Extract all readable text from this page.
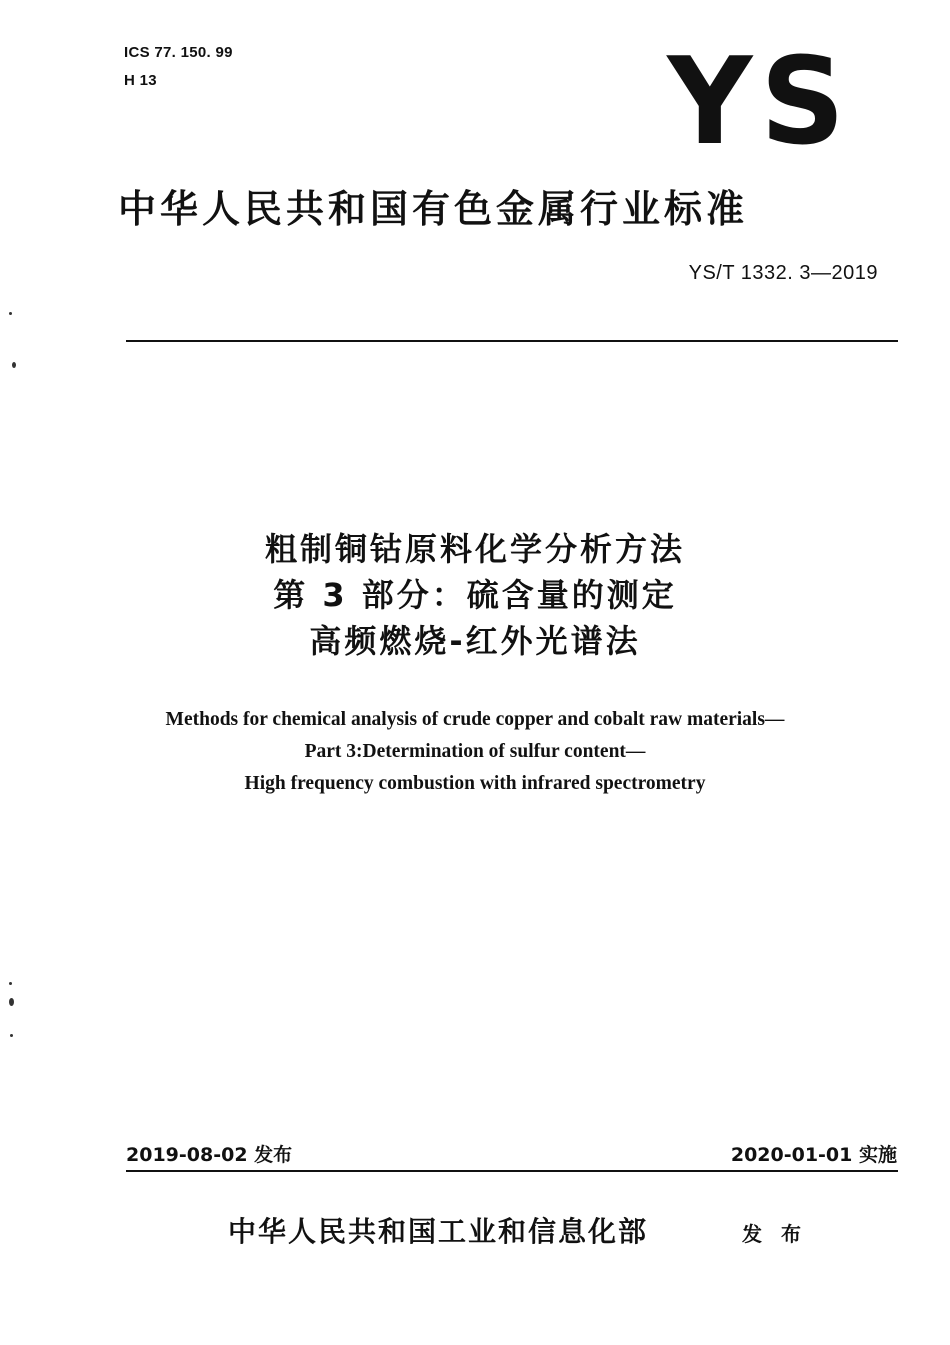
ICS 77. 150. 99
H 13	YS
中华人民共和国有色金属行业标准
YS/T 1332. 3—2019
粗制铜钴原料化学分析方法
第 3 部分：硫含量的测定
高频燃烧-红外光谱法
Methods for chemical analysis of crude copper and cobalt raw materials—
Part 3:Determination of sulfur content—
High frequency combustion with infrared spectrometry
2019-08-02 发布	2020-01-01 实施
中华人民共和国工业和信息化部	发 布
